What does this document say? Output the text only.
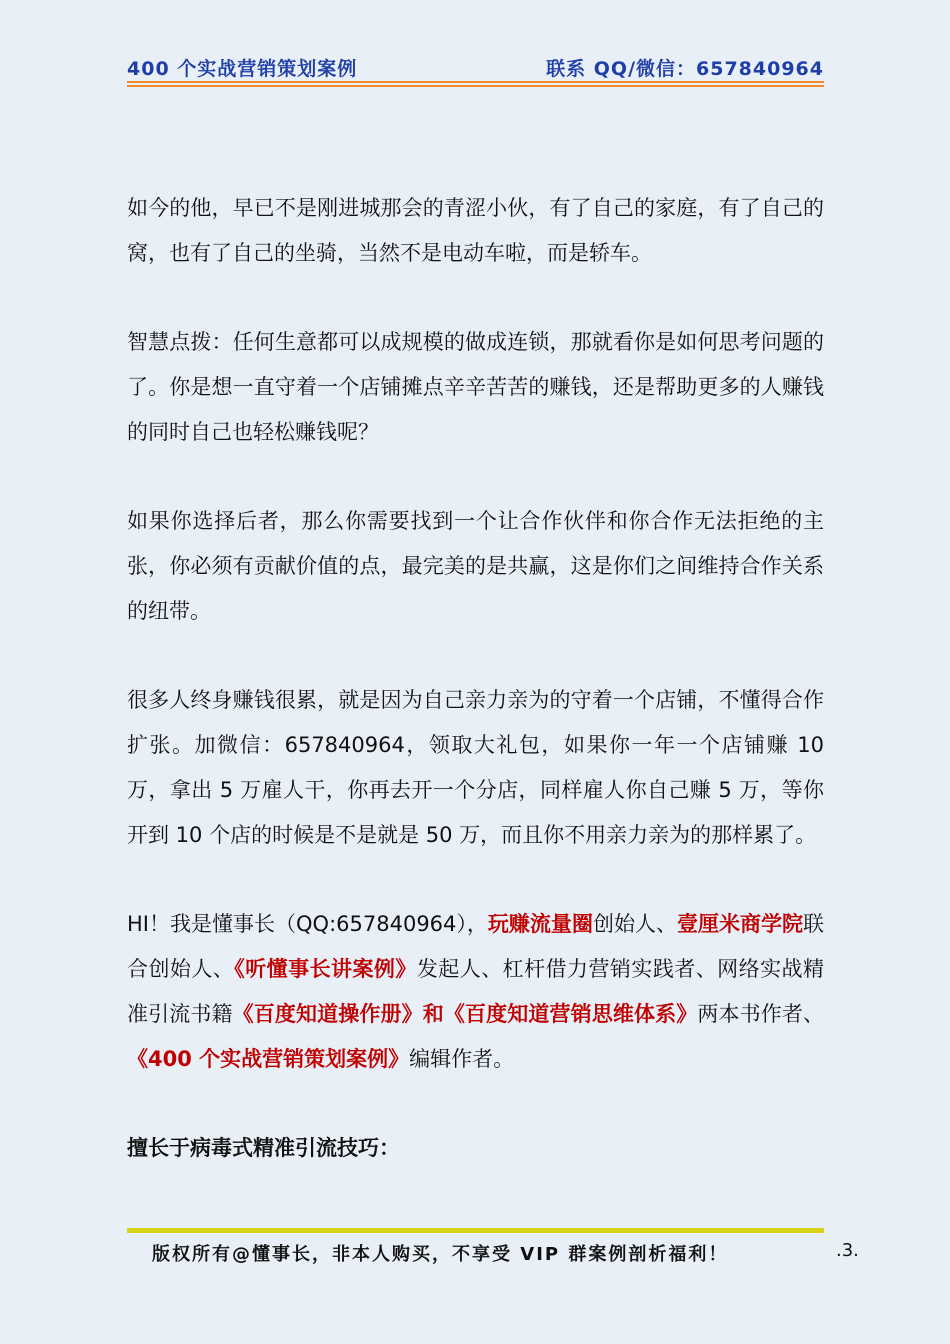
400 个实战营销策划案例	联系 QQ/微信：657840964

如今的他，早已不是刚进城那会的青涩小伙，有了自己的家庭，有了自己的窝，也有了自己的坐骑，当然不是电动车啦，而是轿车。

智慧点拨：任何生意都可以成规模的做成连锁，那就看你是如何思考问题的了。你是想一直守着一个店铺摊点辛辛苦苦的赚钱，还是帮助更多的人赚钱的同时自己也轻松赚钱呢？

如果你选择后者，那么你需要找到一个让合作伙伴和你合作无法拒绝的主张，你必须有贡献价值的点，最完美的是共赢，这是你们之间维持合作关系的纽带。

很多人终身赚钱很累，就是因为自己亲力亲为的守着一个店铺，不懂得合作扩张。加微信：657840964，领取大礼包，如果你一年一个店铺赚 10 万，拿出 5 万雇人干，你再去开一个分店，同样雇人你自己赚 5 万，等你开到 10 个店的时候是不是就是 50 万，而且你不用亲力亲为的那样累了。

HI！我是懂事长（QQ:657840964），玩赚流量圈创始人、壹厘米商学院联合创始人、《听懂事长讲案例》发起人、杠杆借力营销实践者、网络实战精准引流书籍《百度知道操作册》和《百度知道营销思维体系》两本书作者、《400 个实战营销策划案例》编辑作者。

擅长于病毒式精准引流技巧：

版权所有@懂事长，非本人购买，不享受 VIP 群案例剖析福利！	.3.
